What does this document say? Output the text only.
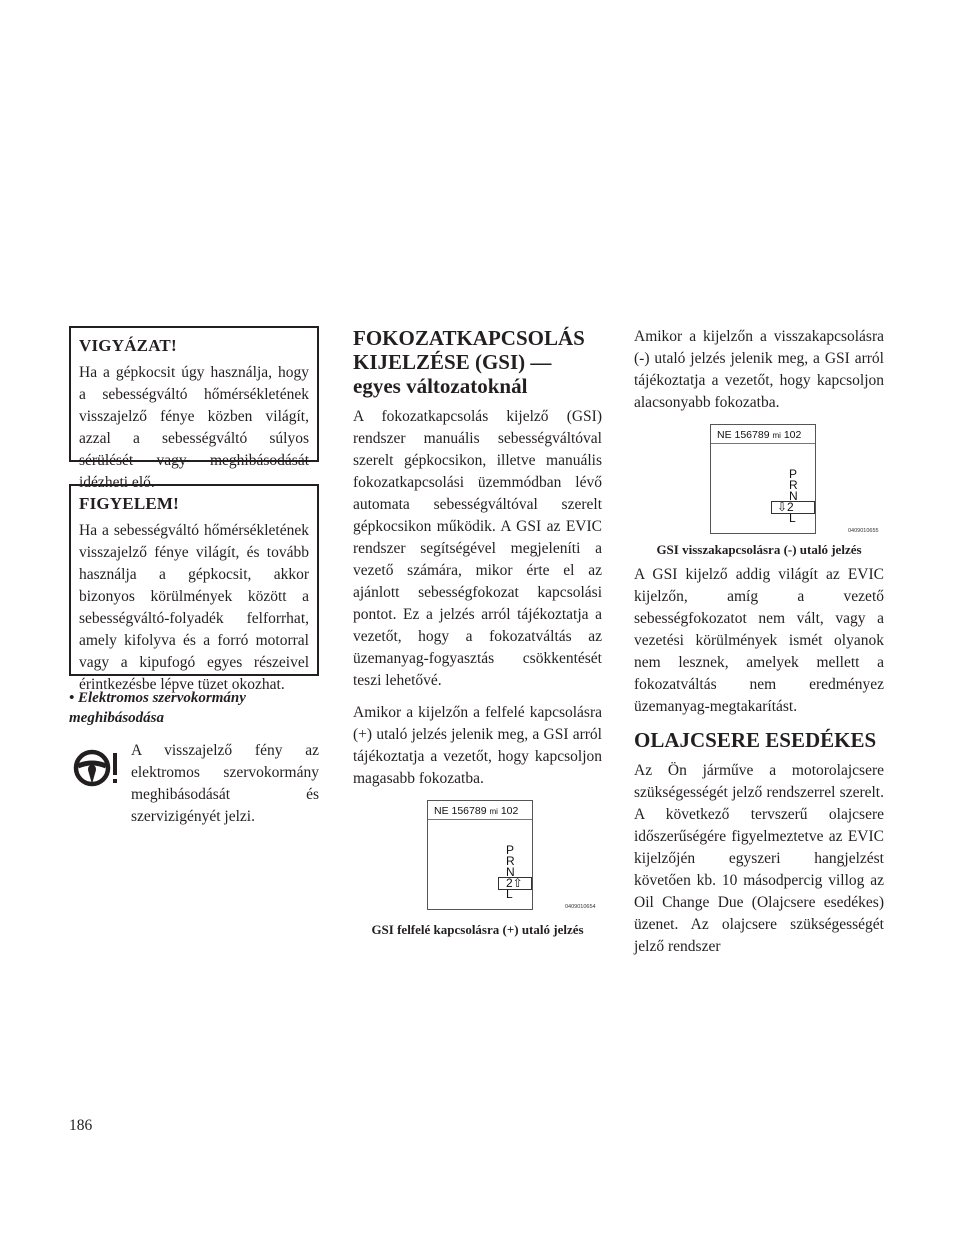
VIGYÁZAT!

Ha a gépkocsit úgy használja, hogy a sebességváltó hőmérsékletének visszajelző fénye közben világít, azzal a sebességváltó súlyos sérülését vagy meghibásodását idézheti elő.

FIGYELEM!

Ha a sebességváltó hőmérsékletének visszajelző fénye világít, és tovább használja a gépkocsit, akkor bizonyos körülmények között a sebességváltó-folyadék felforrhat, amely kifolyva és a forró motorral vagy a kipufogó egyes részeivel érintkezésbe lépve tüzet okozhat.

• Elektromos szervokormány meghibásodása
A visszajelző fény az elektromos szervokormány meghibásodását és szervizigényét jelzi.
FOKOZATKAPCSOLÁS KIJELZÉSE (GSI) — egyes változatoknál

A fokozatkapcsolás kijelző (GSI) rendszer manuális sebességváltóval szerelt gépkocsikon, illetve manuális fokozatkapcsolási üzemmódban lévő automata sebességváltóval szerelt gépkocsikon működik. A GSI az EVIC rendszer segítségével megjeleníti a vezető számára, mikor érte el az ajánlott sebességfokozat kapcsolási pontot. Ez a jelzés arról tájékoztatja a vezetőt, hogy a fokozatváltás az üzemanyag-fogyasztás csökkentését teszi lehetővé.

Amikor a kijelzőn a felfelé kapcsolásra (+) utaló jelzés jelenik meg, a GSI arról tájékoztatja a vezetőt, hogy kapcsoljon magasabb fokozatba.

NE 156789 mi 102
P
R
N
2⇧
L
0409010654
GSI felfelé kapcsolásra (+) utaló jelzés

Amikor a kijelzőn a visszakapcsolásra (-) utaló jelzés jelenik meg, a GSI arról tájékoztatja a vezetőt, hogy kapcsoljon alacsonyabb fokozatba.

NE 156789 mi 102
P
R
N
⇩2
L
0409010655
GSI visszakapcsolásra (-) utaló jelzés

A GSI kijelző addig világít az EVIC kijelzőn, amíg a vezető sebességfokozatot nem vált, vagy a vezetési körülmények ismét olyanok nem lesznek, amelyek mellett a fokozatváltás nem eredményez üzemanyag-megtakarítást.

OLAJCSERE ESEDÉKES

Az Ön járműve a motorolajcsere szükségességét jelző rendszerrel szerelt. A következő tervszerű olajcsere időszerűségére figyelmeztetve az EVIC kijelzőjén egyszeri hangjelzést követően kb. 10 másodpercig villog az Oil Change Due (Olajcsere esedékes) üzenet. Az olajcsere szükségességét jelző rendszer

186
